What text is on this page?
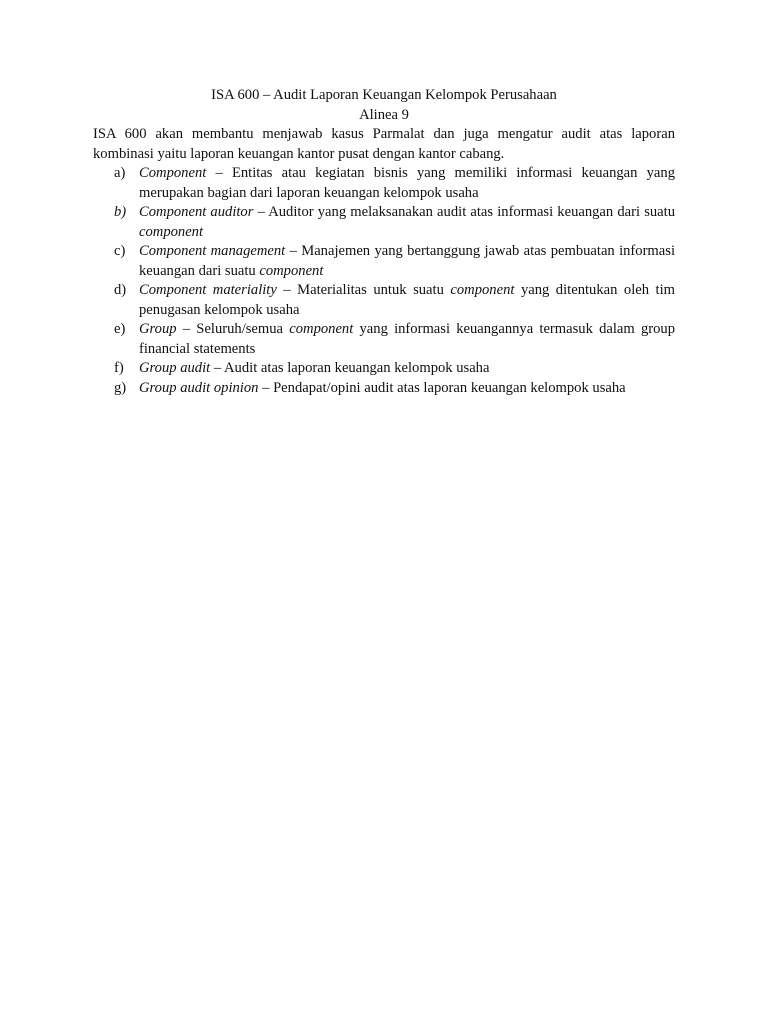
ISA 600 – Audit Laporan Keuangan Kelompok Perusahaan

Alinea 9

ISA 600 akan membantu menjawab kasus Parmalat dan juga mengatur audit atas laporan kombinasi yaitu laporan keuangan kantor pusat dengan kantor cabang.

a) Component – Entitas atau kegiatan bisnis yang memiliki informasi keuangan yang merupakan bagian dari laporan keuangan kelompok usaha
b) Component auditor – Auditor yang melaksanakan audit atas informasi keuangan dari suatu component
c) Component management – Manajemen yang bertanggung jawab atas pembuatan informasi keuangan dari suatu component
d) Component materiality – Materialitas untuk suatu component yang ditentukan oleh tim penugasan kelompok usaha
e) Group – Seluruh/semua component yang informasi keuangannya termasuk dalam group financial statements
f) Group audit – Audit atas laporan keuangan kelompok usaha
g) Group audit opinion – Pendapat/opini audit atas laporan keuangan kelompok usaha
